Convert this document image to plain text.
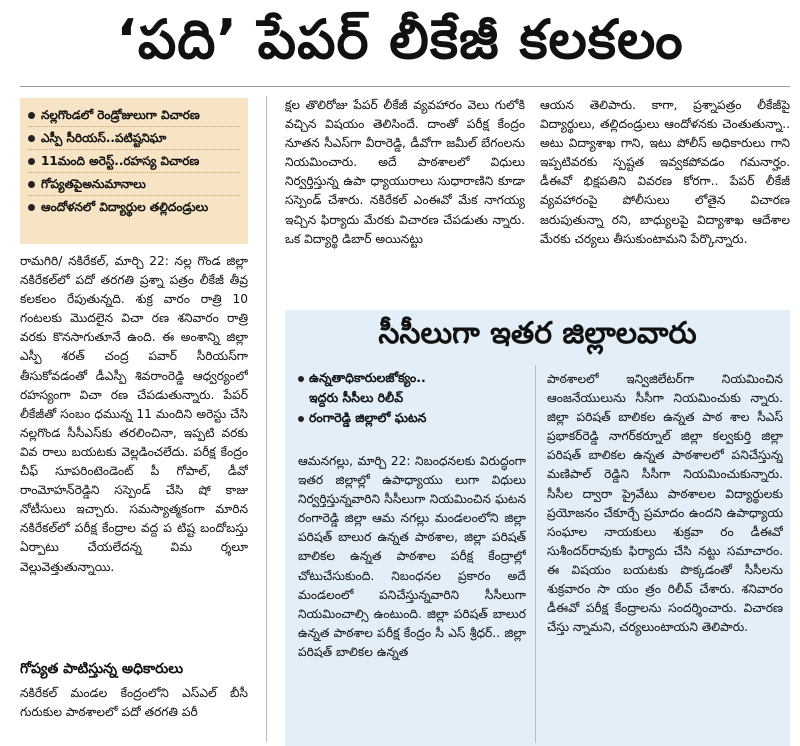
‘పది’ పేపర్ లీకేజీ కలకలం
నల్లగొండలో రెండ్రోజులుగా విచారణ
ఎస్పీ సీరియస్..పటిష్టనిఘా
11మంది అరెస్ట్..రహస్య విచారణ
గోప్యతపైఅనుమానాలు
ఆందోళనలో విద్యార్థుల తల్లిదండ్రులు

రామగిరి/ నకిరేకల్, మార్చి 22: నల్ల గొండ జిల్లా నకిరేకల్‌లో పదో తరగతి ప్రశ్నా పత్రం లీకేజీ తీవ్ర కలకలం రేపుతున్నది. శుక్ర వారం రాత్రి 10 గంటలకు మొదలైన విచా రణ శనివారం రాత్రి వరకు కొనసాగుతూనే ఉంది. ఈ అంశాన్ని జిల్లా ఎస్పీ శరత్ చంద్ర పవార్ సీరియస్‌గా తీసుకోవడంతో డీఎస్పీ శివరాంరెడ్డి ఆధ్వర్యంలో రహస్యంగా విచా రణ చేపడుతున్నారు. పేపర్ లీకేజీతో సంబం ధమున్న 11 మందిని అరెస్టు చేసి నల్లగొండ సీసీఎస్‌కు తరలించినా, ఇప్పటి వరకు వివ రాలు బయటకు వెల్లడించలేదు. పరీక్ష కేంద్రం చీఫ్ సూపరింటెండెంట్ పీ గోపాల్, డీవో రాంమోహన్‌రెడ్డిని సస్పెండ్ చేసి షో కాజు నోటీసులు ఇచ్చారు. సమస్యాత్మకంగా మారిన నకిరేకల్‌లో పరీక్ష కేంద్రాల వద్ద ప టిష్ట బందోబస్తు ఏర్పాటు చేయలేదన్న విమ ర్శలూ వెల్లువెత్తుతున్నాయి.

గోప్యత పాటిస్తున్న అధికారులు

నకిరేకల్ మండల కేంద్రంలోని ఎస్ఎల్ బీసీ గురుకుల పాఠశాలలో పదో తరగతి పరీ

క్షల తొలిరోజు పేపర్ లీకేజీ వ్యవహారం వెలు గులోకి వచ్చిన విషయం తెలిసిందే. దాంతో పరీక్ష కేంద్రం నూతన సీఎస్‌గా వీరారెడ్డి, డీవోగా జమీల్ బేగంలను నియమించారు. అదే పాఠశాలలో విధులు నిర్వర్తిస్తున్న ఉపా ధ్యాయురాలు సుధారాణిని కూడా సస్పెండ్ చేశారు. నకిరేకల్ ఎంఈవో మేక నాగయ్య ఇచ్చిన ఫిర్యాదు మేరకు విచారణ చేపడుతు న్నారు. ఒక విద్యార్థి డిబార్ అయినట్టు

ఆయన తెలిపారు. కాగా, ప్రశ్నాపత్రం లీకేజీపై విద్యార్థులు, తల్లిదండ్రులు ఆందోళనకు చెంతుతున్నా.. అటు విద్యాశాఖ గాని, ఇటు పోలీస్ అధికారులు గాని ఇప్పటివరకు స్పష్టత ఇవ్వకపోవడం గమనార్హం. డీఈవో భిక్షపతిని వివరణ కోరగా.. పేపర్ లీకేజీ వ్యవహారంపై పోలీసులు లోతైన విచారణ జరుపుతున్నా రని, బాధ్యులపై విద్యాశాఖ ఆదేశాల మేరకు చర్యలు తీసుకుంటామని పేర్కొన్నారు.

సీసీలుగా ఇతర జిల్లాలవారు
ఉన్నతాధికారులజోక్యం..
ఇద్దరు సీసీలు రిలీవ్
రంగారెడ్డి జిల్లాలో ఘటన

ఆమనగల్లు, మార్చి 22: నిబంధనలకు విరుద్ధంగా ఇతర జిల్లాల్లో ఉపాధ్యాయు లుగా విధులు నిర్వర్తిస్తున్నవారిని సీసీలుగా నియమించిన ఘటన రంగారెడ్డి జిల్లా ఆమ నగల్లు మండలంలోని జిల్లా పరిషత్ బాలుర ఉన్నత పాఠశాల, జిల్లా పరిషత్ బాలికల ఉన్నత పాఠశాల పరీక్ష కేంద్రాల్లో చోటుచేసుకుంది. నిబంధనల ప్రకారం అదే మండలంలో పనిచేస్తున్నవారిని సీసీలుగా నియమించాల్సి ఉంటుంది. జిల్లా పరిషత్ బాలుర ఉన్నత పాఠశాల పరీక్ష కేంద్రం సీ ఎస్ శ్రీధర్.. జిల్లా పరిషత్ బాలికల ఉన్నత

పాఠశాలలో ఇన్విజిలేటర్‌గా నియమించిన ఆంజనేయులును సీసీగా నియమించుకు న్నారు. జిల్లా పరిషత్ బాలికల ఉన్నత పాఠ శాల సీఎస్ ప్రభాకర్‌రెడ్డి నాగర్‌కర్నూల్ జిల్లా కల్వకుర్తి జిల్లా పరిషత్ బాలికల ఉన్నత పాఠశాలలో పనిచేస్తున్న మణిపాల్ రెడ్డిని సీసీగా నియమించుకున్నారు. సీసీల ద్వారా ప్రైవేటు పాఠశాలల విద్యార్థులకు ప్రయోజనం చేకూర్చే ప్రమాదం ఉందని ఉపాధ్యాయ సంఘాల నాయకులు శుక్రవా రం డీఈవో సుశీందర్‌రావుకు ఫిర్యాదు చేసి నట్టు సమాచారం. ఈ విషయం బయటకు పొక్కడంతో సీసీలను శుక్రవారం సా యం త్రం రిలీవ్ చేశారు. శనివారం డీఈవో పరీక్ష కేంద్రాలను సందర్శించారు. విచారణ చేస్తు న్నామని, చర్యలుంటాయని తెలిపారు.
